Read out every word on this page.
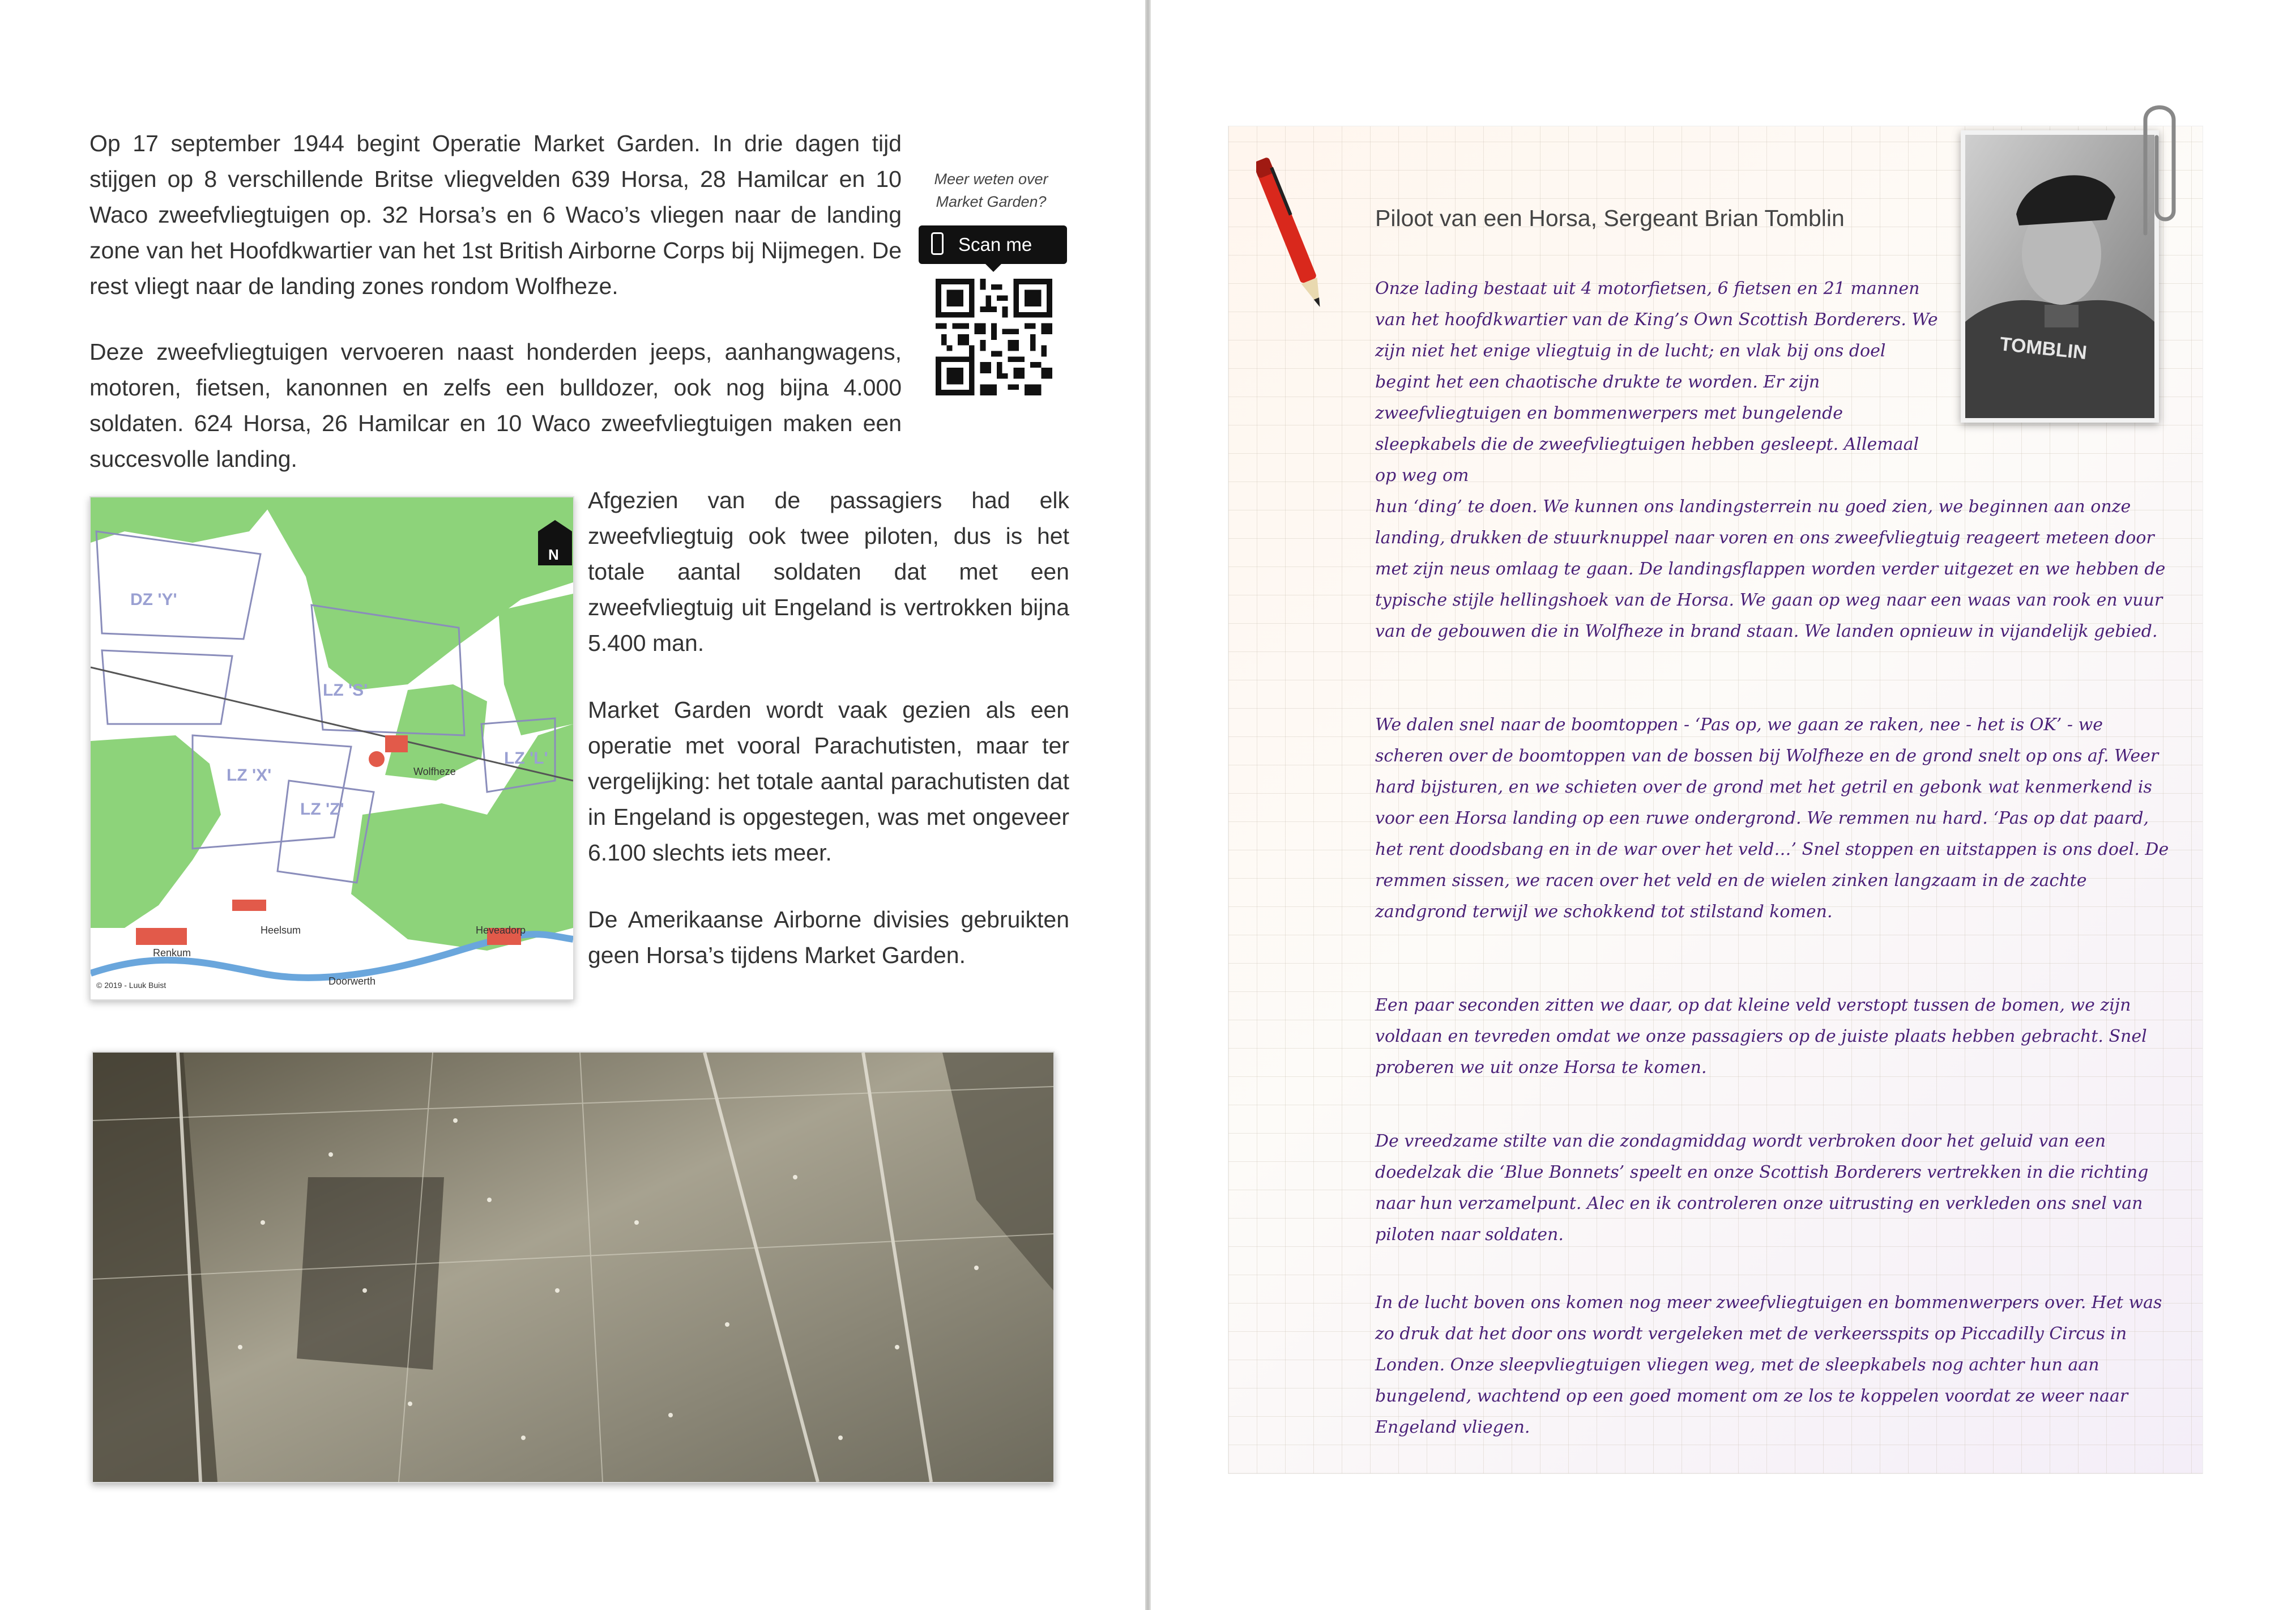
Op 17 september 1944 begint Operatie Market Garden. In drie dagen tijd stijgen op 8 verschillende Britse vliegvelden 639 Horsa, 28 Hamilcar en 10 Waco zweefvliegtuigen op. 32 Horsa’s en 6 Waco’s vliegen naar de landing zone van het Hoofdkwartier van het 1st British Airborne Corps bij Nijmegen. De rest vliegt naar de landing zones rondom Wolfheze.

Deze zweefvliegtuigen vervoeren naast honderden jeeps, aanhangwagens, motoren, fietsen, kanonnen en zelfs een bulldozer, ook nog bijna 4.000 soldaten. 624 Horsa, 26 Hamilcar en 10 Waco zweefvliegtuigen maken een succesvolle landing.

Afgezien van de passagiers had elk zweefvliegtuig ook twee piloten, dus is het totale aantal soldaten dat met een zweefvliegtuig uit Engeland is vertrokken bijna 5.400 man.

Market Garden wordt vaak gezien als een operatie met vooral Parachutisten, maar ter vergelijking: het totale aantal parachutisten dat in Engeland is opgestegen, was met ongeveer 6.100 slechts iets meer.

De Amerikaanse Airborne divisies gebruikten geen Horsa’s tijdens Market Garden.

Meer weten over Market Garden?
Scan me
DZ 'Y'
LZ 'S'
LZ 'X'
LZ 'Z'
LZ 'L'
Wolfheze
Heelsum
Renkum
Heveadorp
Doorwerth
© 2019 - Luuk Buist
N
Piloot van een Horsa, Sergeant Brian Tomblin

Onze lading bestaat uit 4 motorfietsen, 6 fietsen en 21 mannen van het hoofdkwartier van de King’s Own Scottish Borderers. We zijn niet het enige vliegtuig in de lucht; en vlak bij ons doel begint het een chaotische drukte te worden. Er zijn zweefvliegtuigen en bommenwerpers met bungelende sleepkabels die de zweefvliegtuigen hebben gesleept. Allemaal op weg om

hun ‘ding’ te doen. We kunnen ons landingsterrein nu goed zien, we beginnen aan onze landing, drukken de stuurknuppel naar voren en ons zweefvliegtuig reageert meteen door met zijn neus omlaag te gaan. De landingsflappen worden verder uitgezet en we hebben de typische stijle hellingshoek van de Horsa. We gaan op weg naar een waas van rook en vuur van de gebouwen die in Wolfheze in brand staan. We landen opnieuw in vijandelijk gebied.

We dalen snel naar de boomtoppen - ‘Pas op, we gaan ze raken, nee - het is OK’ - we scheren over de boomtoppen van de bossen bij Wolfheze en de grond snelt op ons af. Weer hard bijsturen, en we schieten over de grond met het getril en gebonk wat kenmerkend is voor een Horsa landing op een ruwe ondergrond. We remmen nu hard. ‘Pas op dat paard, het rent doodsbang en in de war over het veld…’ Snel stoppen en uitstappen is ons doel. De remmen sissen, we racen over het veld en de wielen zinken langzaam in de zachte zandgrond terwijl we schokkend tot stilstand komen.

Een paar seconden zitten we daar, op dat kleine veld verstopt tussen de bomen, we zijn voldaan en tevreden omdat we onze passagiers op de juiste plaats hebben gebracht. Snel proberen we uit onze Horsa te komen.

De vreedzame stilte van die zondagmiddag wordt verbroken door het geluid van een doedelzak die ‘Blue Bonnets’ speelt en onze Scottish Borderers vertrekken in die richting naar hun verzamelpunt. Alec en ik controleren onze uitrusting en verkleden ons snel van piloten naar soldaten.

In de lucht boven ons komen nog meer zweefvliegtuigen en bommenwerpers over. Het was zo druk dat het door ons wordt vergeleken met de verkeersspits op Piccadilly Circus in Londen. Onze sleepvliegtuigen vliegen weg, met de sleepkabels nog achter hun aan bungelend, wachtend op een goed moment om ze los te koppelen voordat ze weer naar Engeland vliegen.

TOMBLIN
